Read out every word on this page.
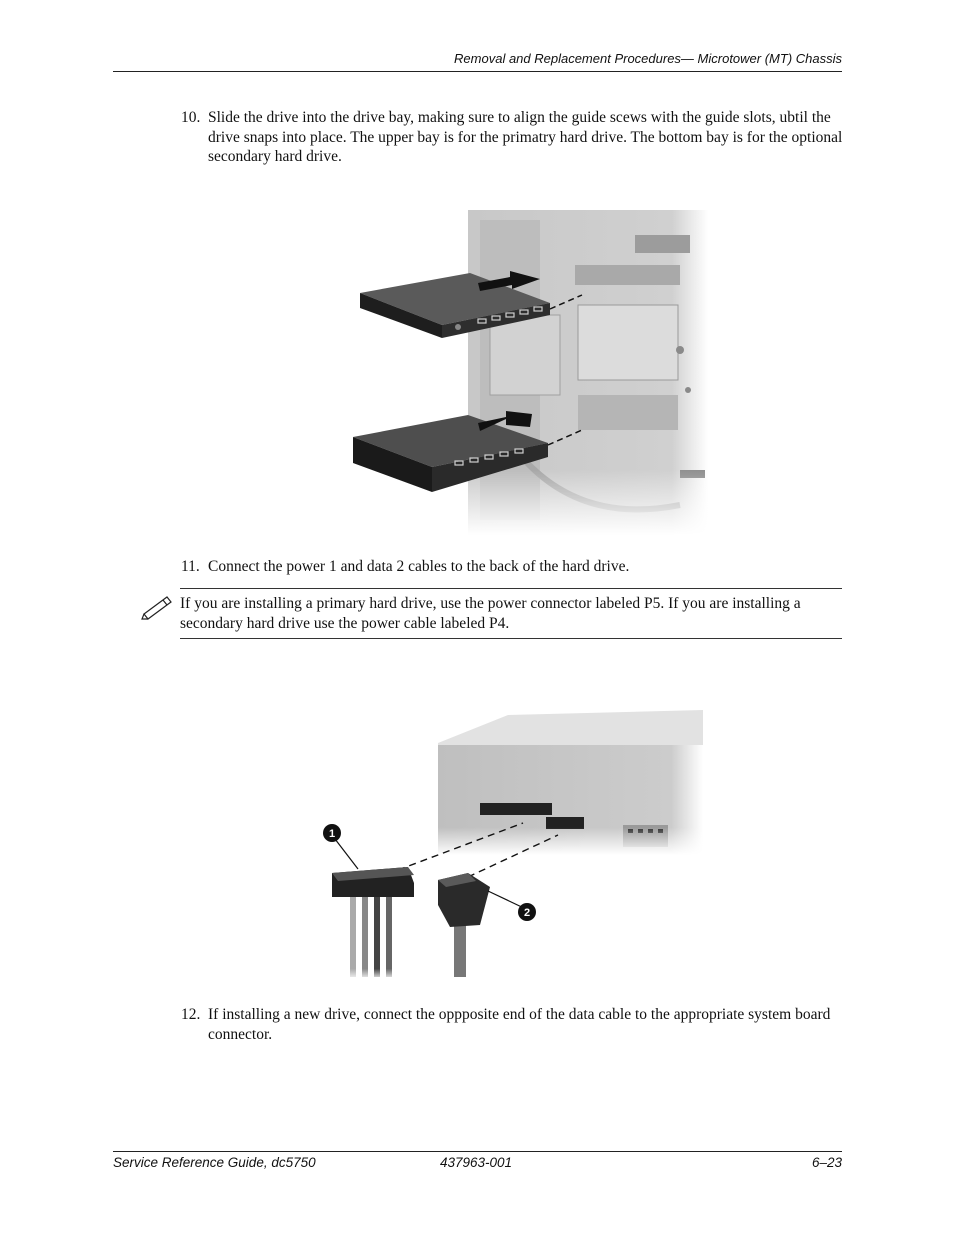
Removal and Replacement Procedures— Microtower (MT) Chassis
10. Slide the drive into the drive bay, making sure to align the guide scews with the guide slots, ubtil the drive snaps into place. The upper bay is for the primatry hard drive. The bottom bay is for the optional secondary hard drive.
11. Connect the power 1 and data 2 cables to the back of the hard drive.
If you are installing a primary hard drive, use the power connector labeled P5. If you are installing a secondary hard drive use the power cable labeled P4.
1
2
12. If installing a new drive, connect the oppposite end of the data cable to the appropriate system board connector.
Service Reference Guide, dc5750	437963-001	6–23
